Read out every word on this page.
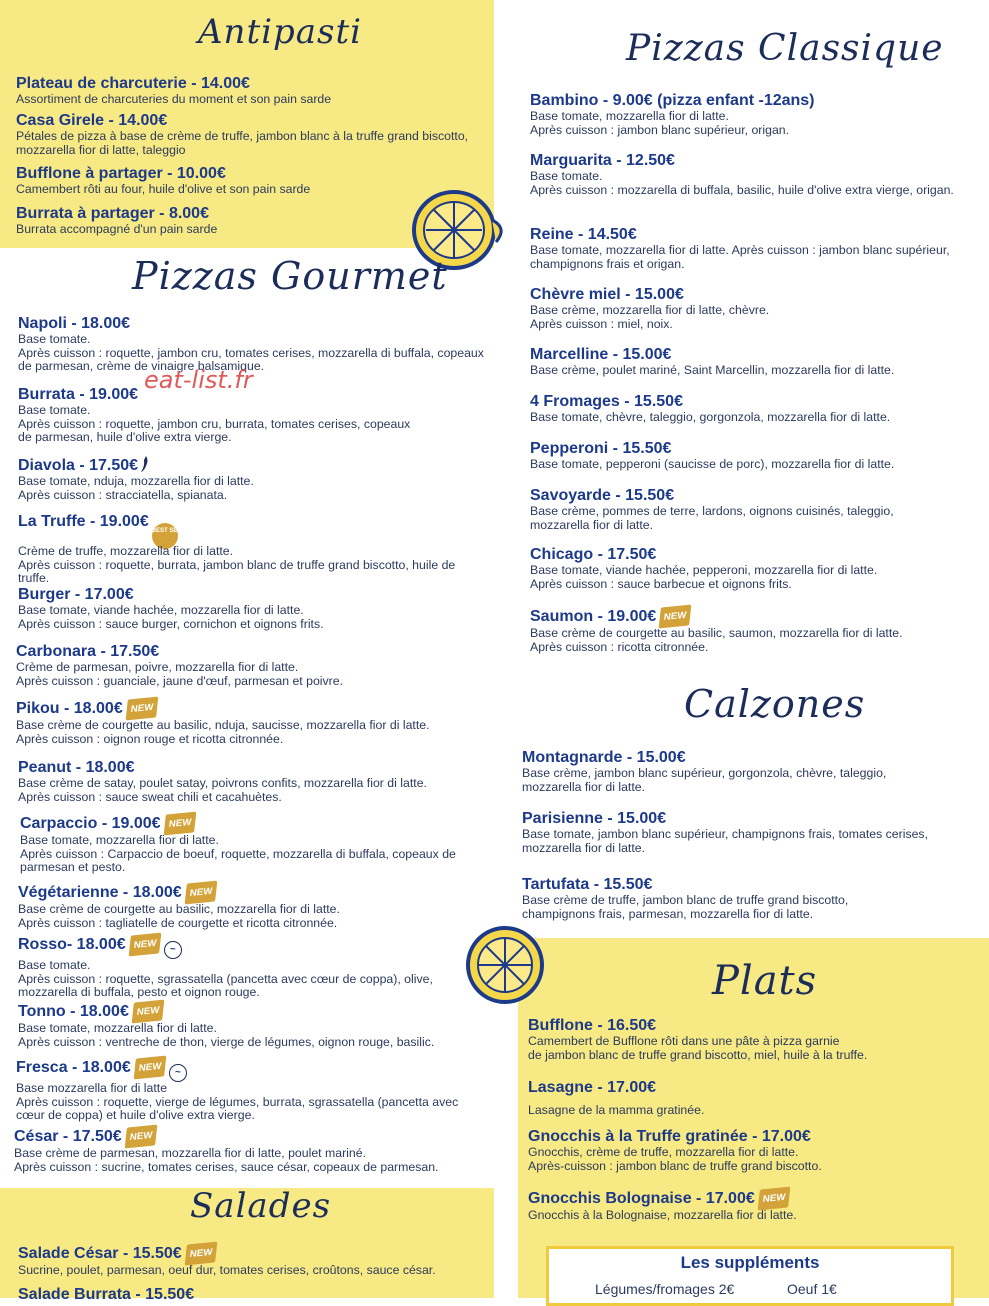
Antipasti
Pizzas Gourmet
Pizzas Classique
Calzones
Plats
Salades
Plateau de charcuterie - 14.00€
Assortiment de charcuteries du moment et son pain sarde
Casa Girele - 14.00€
Pétales de pizza à base de crème de truffe, jambon blanc à la truffe grand biscotto, mozzarella fior di latte, taleggio
Bufflone à partager - 10.00€
Camembert rôti au four, huile d'olive et son pain sarde
Burrata à partager - 8.00€
Burrata accompagné d'un pain sarde
Napoli - 18.00€
Base tomate.
Après cuisson : roquette, jambon cru, tomates cerises, mozzarella di buffala, copeaux de parmesan, crème de vinaigre balsamique.
eat-list.fr
Burrata - 19.00€
Base tomate.
Après cuisson : roquette, jambon cru, burrata, tomates cerises, copeaux de parmesan, huile d'olive extra vierge.
Diavola - 17.50€
Base tomate, nduja, mozzarella fior di latte.
Après cuisson : stracciatella, spianata.
La Truffe - 19.00€BEST SELLER
Crème de truffe, mozzarella fior di latte.
Après cuisson : roquette, burrata, jambon blanc de truffe grand biscotto, huile de truffe.
Burger - 17.00€
Base tomate, viande hachée, mozzarella fior di latte.
Après cuisson : sauce burger, cornichon et oignons frits.
Carbonara - 17.50€
Crème de parmesan, poivre, mozzarella fior di latte.
Après cuisson : guanciale, jaune d'œuf, parmesan et poivre.
Pikou - 18.00€ NEW
Base crème de courgette au basilic, nduja, saucisse, mozzarella fior di latte.
Après cuisson : oignon rouge et ricotta citronnée.
Peanut - 18.00€
Base crème de satay, poulet satay, poivrons confits, mozzarella fior di latte.
Après cuisson : sauce sweat chili et cacahuètes.
Carpaccio - 19.00€ NEW
Base tomate, mozzarella fior di latte.
Après cuisson : Carpaccio de boeuf, roquette, mozzarella di buffala, copeaux de parmesan et pesto.
Végétarienne - 18.00€ NEW
Base crème de courgette au basilic, mozzarella fior di latte.
Après cuisson : tagliatelle de courgette et ricotta citronnée.
Rosso- 18.00€ NEW ~
Base tomate.
Après cuisson : roquette, sgrassatella (pancetta avec cœur de coppa), olive, mozzarella di buffala, pesto et oignon rouge.
Tonno - 18.00€ NEW
Base tomate, mozzarella fior di latte.
Après cuisson : ventreche de thon, vierge de légumes, oignon rouge, basilic.
Fresca - 18.00€ NEW ~
Base mozzarella fior di latte
Après cuisson : roquette, vierge de légumes, burrata, sgrassatella (pancetta avec cœur de coppa) et huile d'olive extra vierge.
César - 17.50€ NEW
Base crème de parmesan, mozzarella fior di latte, poulet mariné.
Après cuisson : sucrine, tomates cerises, sauce césar, copeaux de parmesan.
Salade César - 15.50€ NEW
Sucrine, poulet, parmesan, oeuf dur, tomates cerises, croûtons, sauce césar.
Salade Burrata - 15.50€
Bambino - 9.00€ (pizza enfant -12ans)
Base tomate, mozzarella fior di latte.
Après cuisson : jambon blanc supérieur, origan.
Marguarita - 12.50€
Base tomate.
Après cuisson : mozzarella di buffala, basilic, huile d'olive extra vierge, origan.
Reine - 14.50€
Base tomate, mozzarella fior di latte. Après cuisson : jambon blanc supérieur, champignons frais et origan.
Chèvre miel - 15.00€
Base crème, mozzarella fior di latte, chèvre.
Après cuisson : miel, noix.
Marcelline - 15.00€
Base crème, poulet mariné, Saint Marcellin, mozzarella fior di latte.
4 Fromages - 15.50€
Base tomate, chèvre, taleggio, gorgonzola, mozzarella fior di latte.
Pepperoni - 15.50€
Base tomate, pepperoni (saucisse de porc), mozzarella fior di latte.
Savoyarde - 15.50€
Base crème, pommes de terre, lardons, oignons cuisinés, taleggio, mozzarella fior di latte.
Chicago - 17.50€
Base tomate, viande hachée, pepperoni, mozzarella fior di latte.
Après cuisson : sauce barbecue et oignons frits.
Saumon - 19.00€ NEW
Base crème de courgette au basilic, saumon, mozzarella fior di latte.
Après cuisson : ricotta citronnée.
Montagnarde - 15.00€
Base crème, jambon blanc supérieur, gorgonzola, chèvre, taleggio, mozzarella fior di latte.
Parisienne - 15.00€
Base tomate, jambon blanc supérieur, champignons frais, tomates cerises, mozzarella fior di latte.
Tartufata - 15.50€
Base crème de truffe, jambon blanc de truffe grand biscotto, champignons frais, parmesan, mozzarella fior di latte.
Bufflone - 16.50€
Camembert de Bufflone rôti dans une pâte à pizza garnie
de jambon blanc de truffe grand biscotto, miel, huile à la truffe.
Lasagne - 17.00€
Lasagne de la mamma gratinée.
Gnocchis à la Truffe gratinée - 17.00€
Gnocchis, crème de truffe, mozzarella fior di latte.
Après-cuisson : jambon blanc de truffe grand biscotto.
Gnocchis Bolognaise - 17.00€ NEW
Gnocchis à la Bolognaise, mozzarella fior di latte.
Les suppléments
Légumes/fromages 2€	Oeuf 1€
